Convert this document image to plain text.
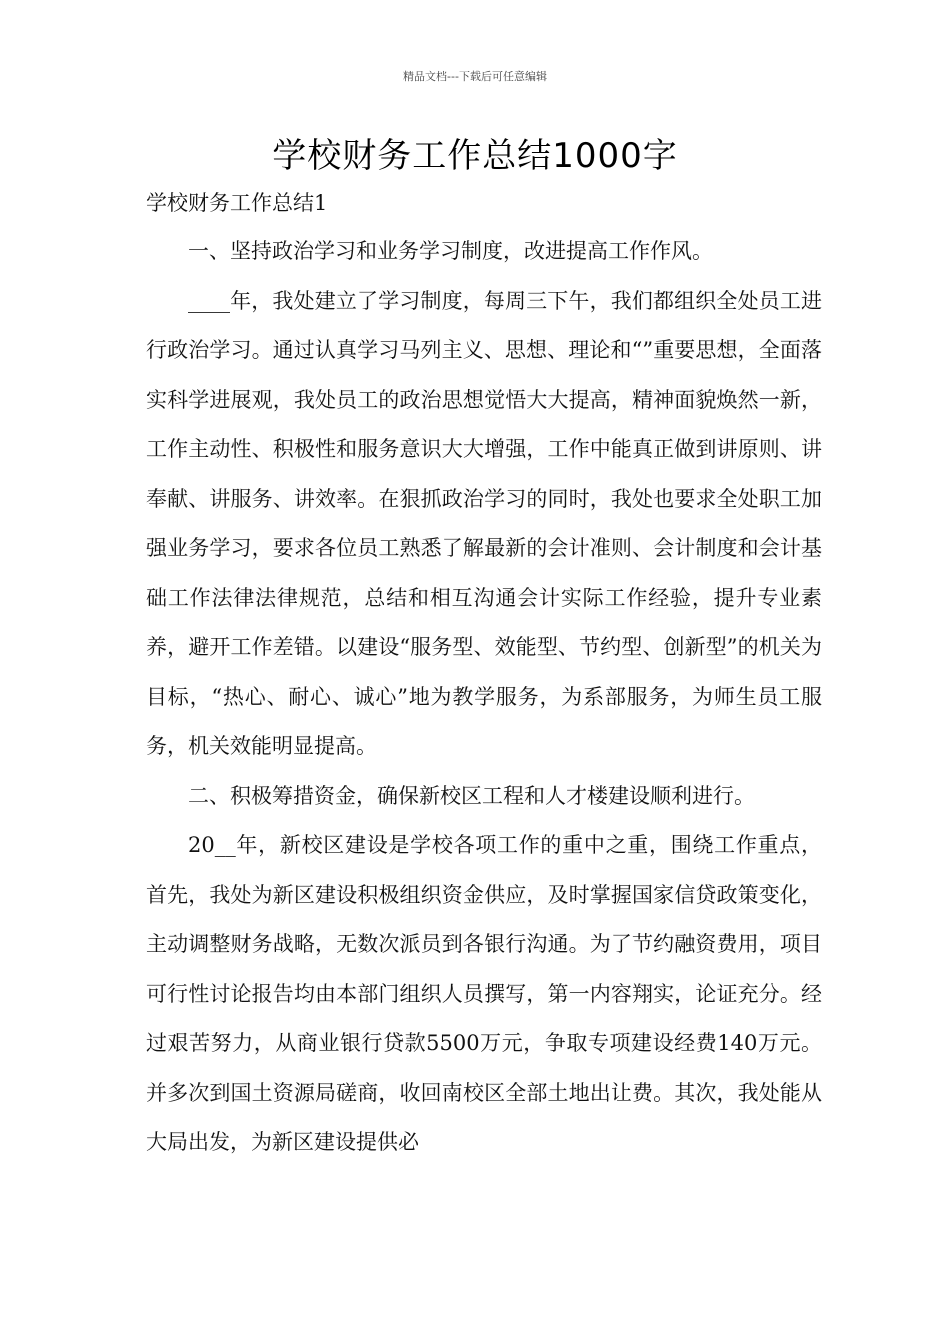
精品文档---下载后可任意编辑
学校财务工作总结1000字
学校财务工作总结1

一、坚持政治学习和业务学习制度，改进提高工作作风。

____年，我处建立了学习制度，每周三下午，我们都组织全处员工进行政治学习。通过认真学习马列主义、思想、理论和“”重要思想，全面落实科学进展观，我处员工的政治思想觉悟大大提高，精神面貌焕然一新，工作主动性、积极性和服务意识大大增强，工作中能真正做到讲原则、讲奉献、讲服务、讲效率。在狠抓政治学习的同时，我处也要求全处职工加强业务学习，要求各位员工熟悉了解最新的会计准则、会计制度和会计基础工作法律法律规范，总结和相互沟通会计实际工作经验，提升专业素养，避开工作差错。以建设“服务型、效能型、节约型、创新型”的机关为目标，“热心、耐心、诚心”地为教学服务，为系部服务，为师生员工服务，机关效能明显提高。

二、积极筹措资金，确保新校区工程和人才楼建设顺利进行。

20__年，新校区建设是学校各项工作的重中之重，围绕工作重点，首先，我处为新区建设积极组织资金供应，及时掌握国家信贷政策变化，主动调整财务战略，无数次派员到各银行沟通。为了节约融资费用，项目可行性讨论报告均由本部门组织人员撰写，第一内容翔实，论证充分。经过艰苦努力，从商业银行贷款5500万元，争取专项建设经费140万元。并多次到国土资源局磋商，收回南校区全部土地出让费。其次，我处能从大局出发，为新区建设提供必
